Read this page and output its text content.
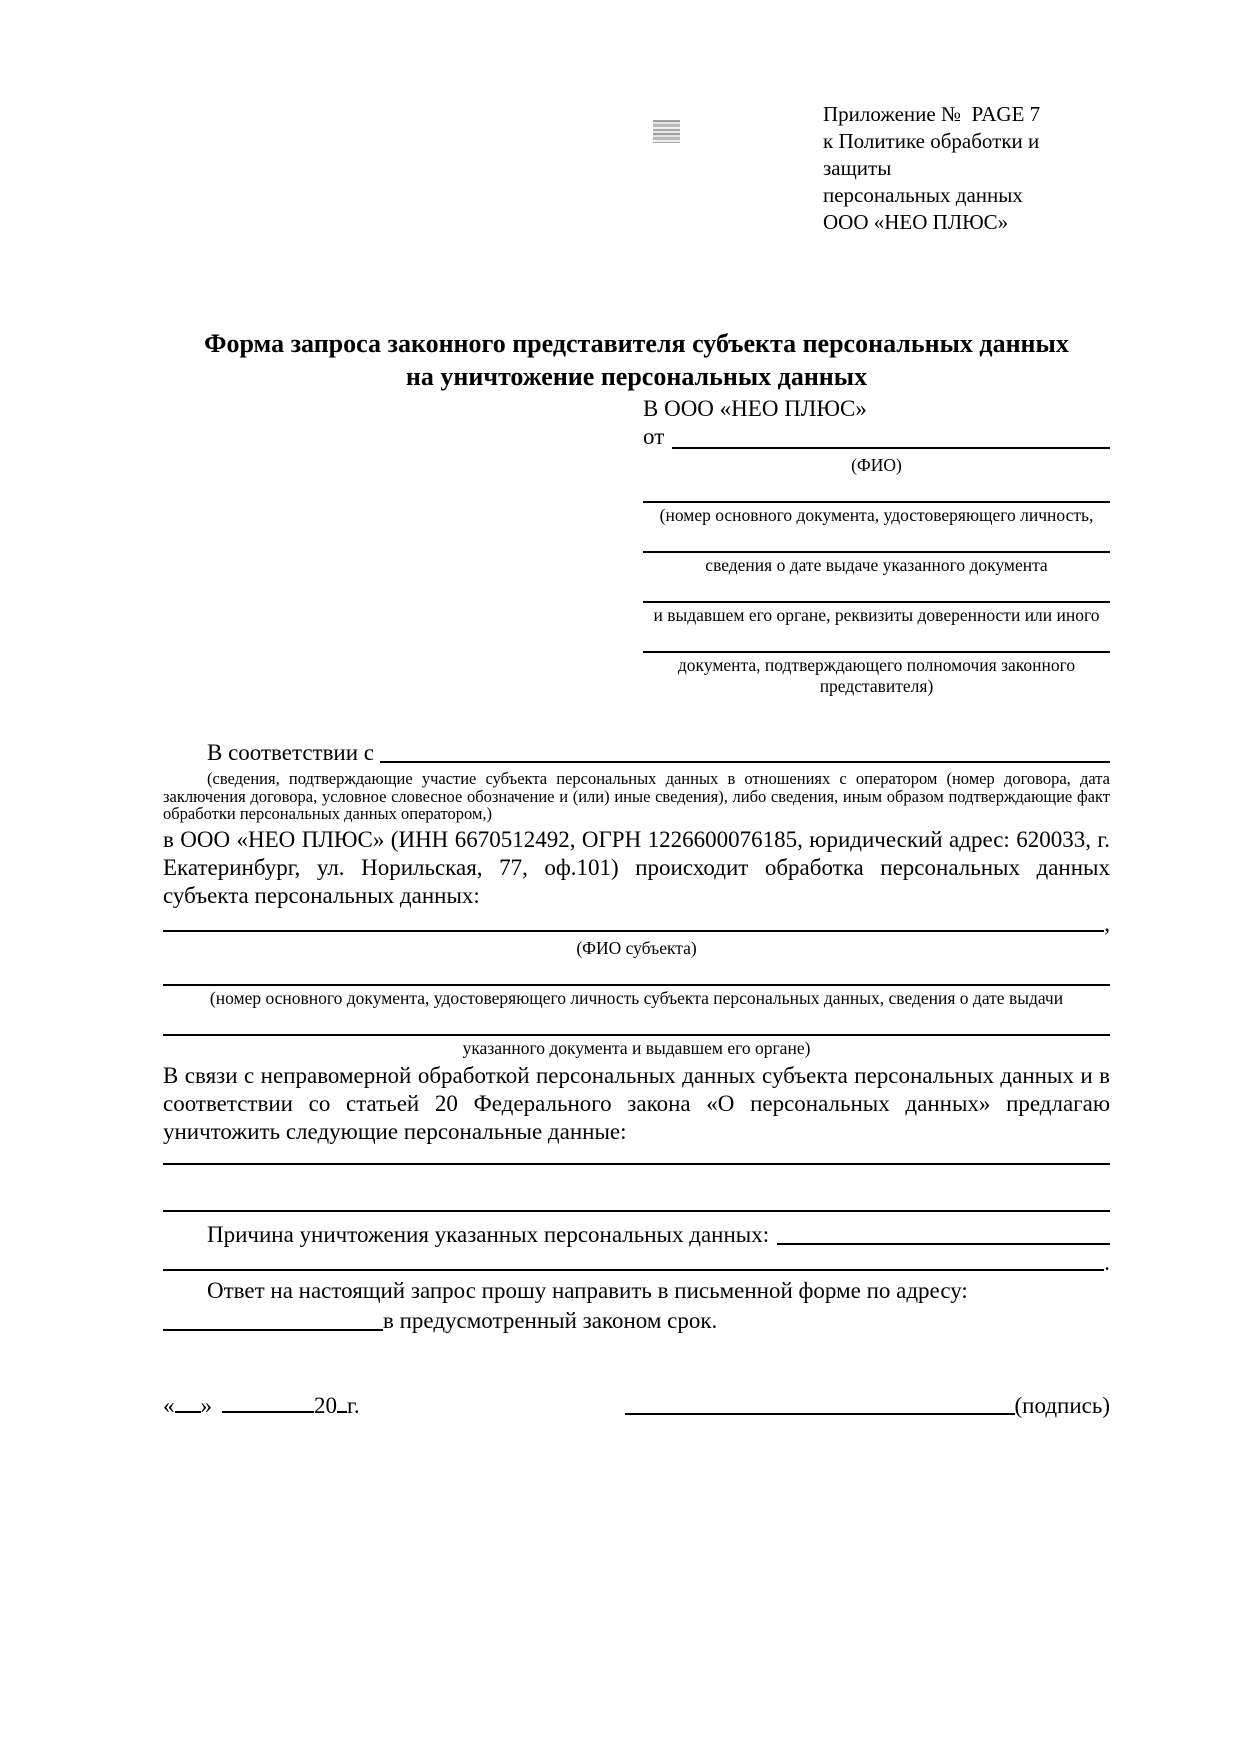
Приложение №  PAGE 7
к Политике обработки и защиты
персональных данных
ООО «НЕО ПЛЮС»
Форма запроса законного представителя субъекта персональных данных
на уничтожение персональных данных
В ООО «НЕО ПЛЮС»
от
(ФИО)
(номер основного документа, удостоверяющего личность,
сведения о дате выдаче указанного документа
и выдавшем его органе, реквизиты доверенности или иного
документа, подтверждающего полномочия законного представителя)
В соответствии с
(сведения, подтверждающие участие субъекта персональных данных в отношениях с оператором (номер договора, дата заключения договора, условное словесное обозначение и (или) иные сведения), либо сведения, иным образом подтверждающие факт обработки персональных данных оператором,)

в ООО «НЕО ПЛЮС» (ИНН 6670512492, ОГРН 1226600076185, юридический адрес: 620033, г. Екатеринбург, ул. Норильская, 77, оф.101) происходит обработка персональных данных субъекта персональных данных:

,
(ФИО субъекта)
(номер основного документа, удостоверяющего личность субъекта персональных данных, сведения о дате выдачи
указанного документа и выдавшем его органе)

В связи с неправомерной обработкой персональных данных субъекта персональных данных и в соответствии со статьей 20 Федерального закона «О персональных данных» предлагаю уничтожить следующие персональные данные:

Причина уничтожения указанных персональных данных:
.
Ответ на настоящий запрос прошу направить в письменной форме по адресу:
в предусмотренный законом срок.
« »	20 г.	(подпись)
